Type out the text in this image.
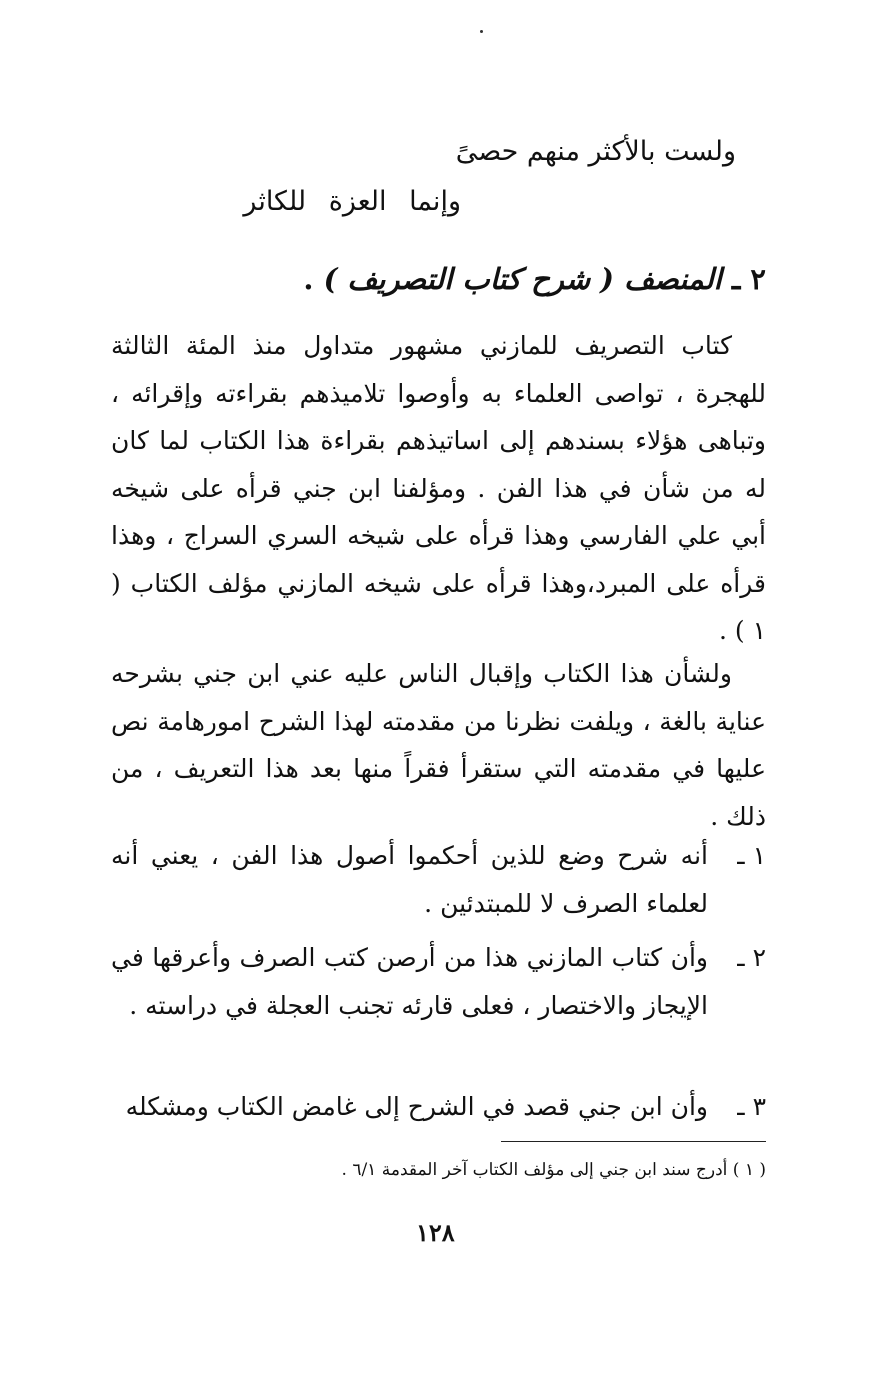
ولست بالأكثر منهم حصىً
وإنما العزة للكاثر
٢ ـ المنصف ( شرح كتاب التصريف ) .

كتاب التصريف للمازني مشهور متداول منذ المئة الثالثة للهجرة ، تواصى العلماء به وأوصوا تلاميذهم بقراءته وإقرائه ، وتباهى هؤلاء بسندهم إلى اساتيذهم بقراءة هذا الكتاب لما كان له من شأن في هذا الفن . ومؤلفنا ابن جني قرأه على شيخه أبي علي الفارسي وهذا قرأه على شيخه السري السراج ، وهذا قرأه على المبرد،وهذا قرأه على شيخه المازني مؤلف الكتاب ( ١ ) .

ولشأن هذا الكتاب وإقبال الناس عليه عني ابن جني بشرحه عناية بالغة ، ويلفت نظرنا من مقدمته لهذا الشرح امورهامة نص عليها في مقدمته التي ستقرأ فقراً منها بعد هذا التعريف ، من ذلك .

١ ـ
أنه شرح وضع للذين أحكموا أصول هذا الفن ، يعني أنه لعلماء الصرف لا للمبتدئين .
٢ ـ
وأن كتاب المازني هذا من أرصن كتب الصرف وأعرقها في الإيجاز والاختصار ، فعلى قارئه تجنب العجلة في دراسته .
٣ ـ
وأن ابن جني قصد في الشرح إلى غامض الكتاب ومشكله
( ١ ) أدرج سند ابن جني إلى مؤلف الكتاب آخر المقدمة ٦/١ .
١٢٨
